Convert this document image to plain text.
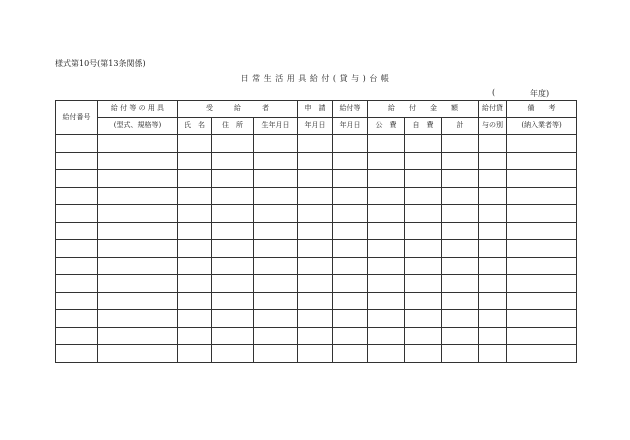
様式第10号(第13条関係)
日 常 生 活 用 具 給 付 ( 貸 与 ) 台 帳
(	年度)
給付番号	給 付 等 の 用 具	受　　　給　　　者			申　請	給付等	給　　付　　金　　額			給付貸	備　　考
	(型式、規格等)	氏　名	住　所	生年月日	年月日	年月日	公　費	自　費	計	与の別	(納入業者等)
